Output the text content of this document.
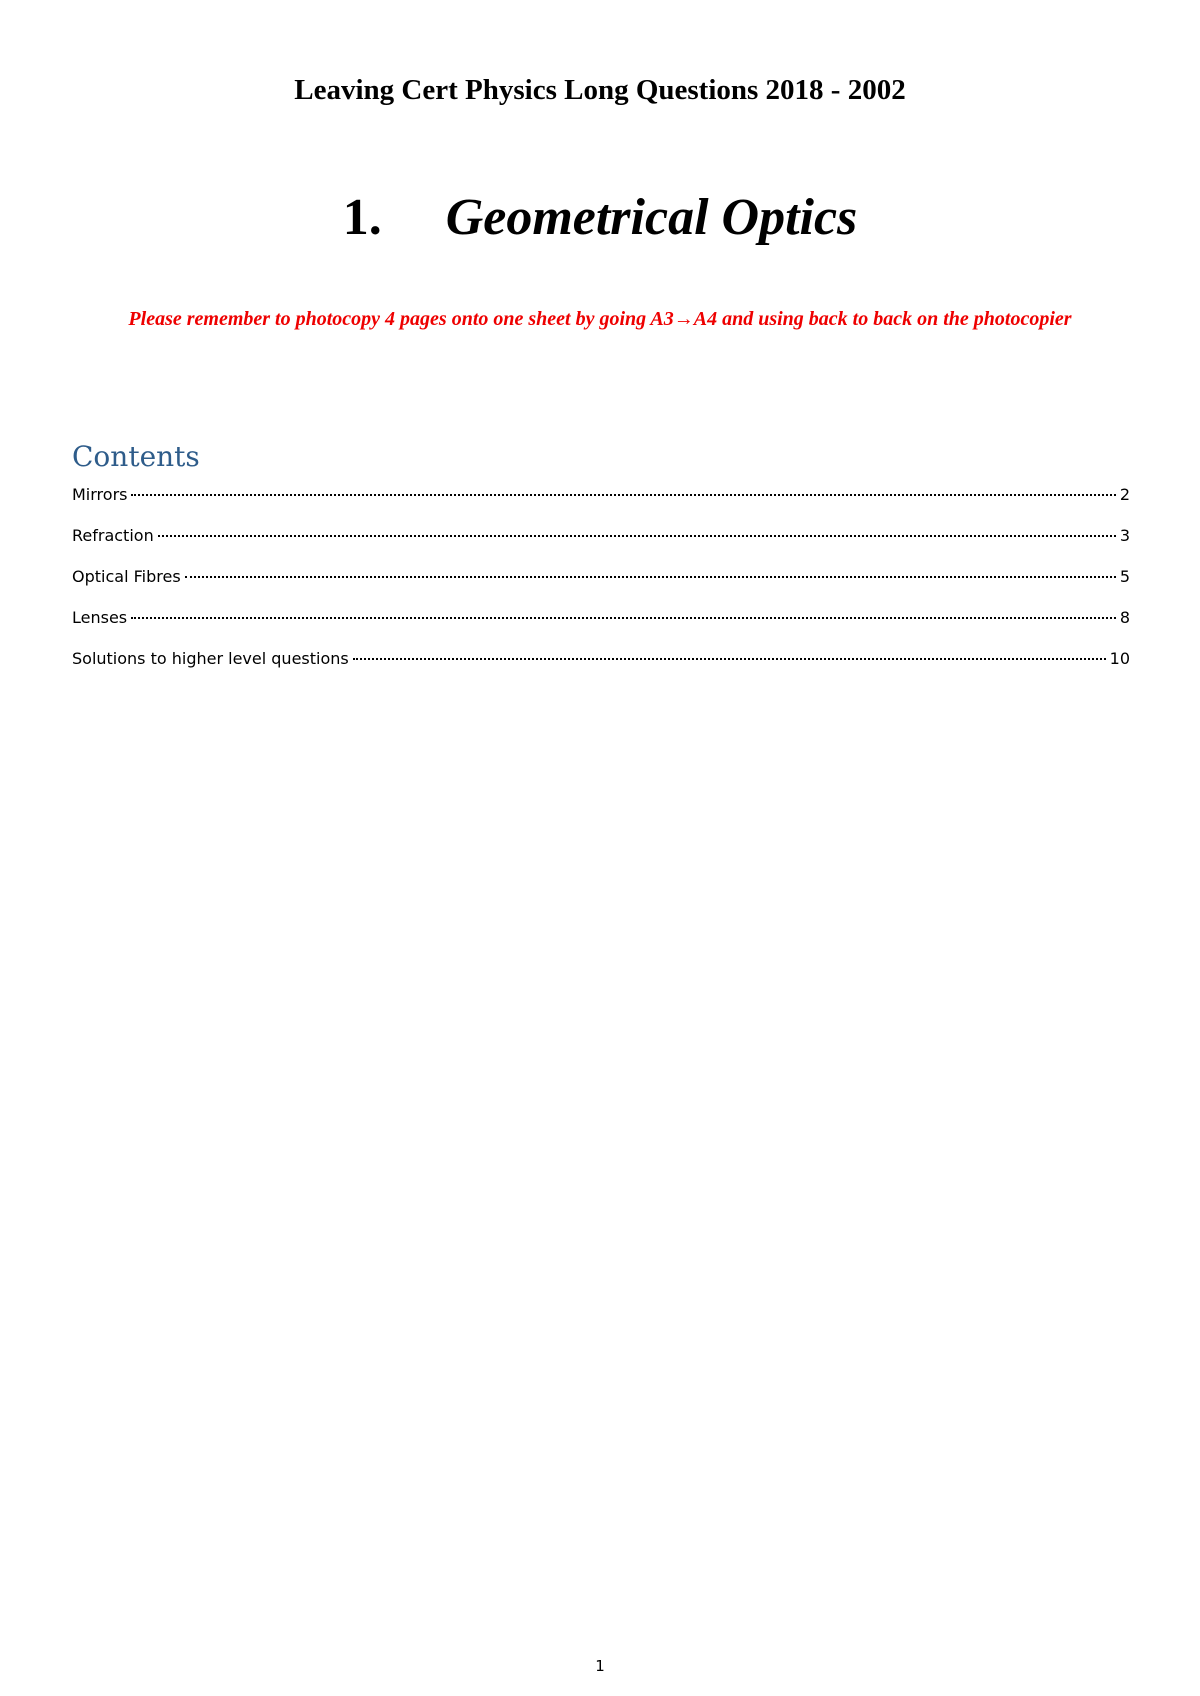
Leaving Cert Physics Long Questions 2018 - 2002
1. Geometrical Optics

Please remember to photocopy 4 pages onto one sheet by going A3→A4 and using back to back on the photocopier

Contents
Mirrors	2
Refraction	3
Optical Fibres	5
Lenses	8
Solutions to higher level questions	10
1
